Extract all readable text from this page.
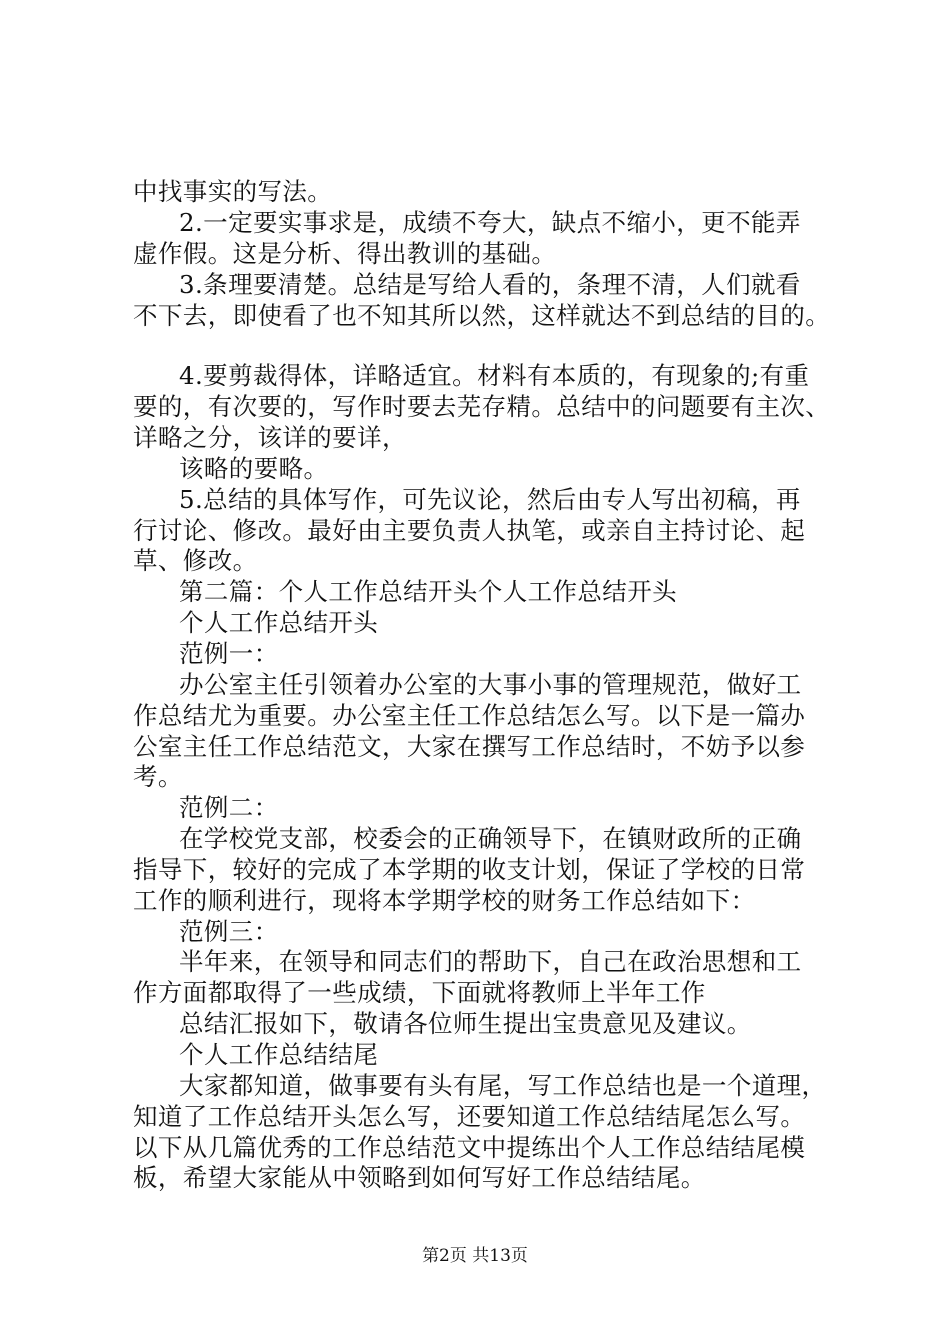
中找事实的写法。
2.一定要实事求是，成绩不夸大，缺点不缩小，更不能弄
虚作假。这是分析、得出教训的基础。
3.条理要清楚。总结是写给人看的，条理不清，人们就看
不下去，即使看了也不知其所以然，这样就达不到总结的目的。
4.要剪裁得体，详略适宜。材料有本质的，有现象的;有重
要的，有次要的，写作时要去芜存精。总结中的问题要有主次、
详略之分，该详的要详，
该略的要略。
5.总结的具体写作，可先议论，然后由专人写出初稿，再
行讨论、修改。最好由主要负责人执笔，或亲自主持讨论、起
草、修改。
第二篇：个人工作总结开头个人工作总结开头
个人工作总结开头
范例一：
办公室主任引领着办公室的大事小事的管理规范，做好工
作总结尤为重要。办公室主任工作总结怎么写。以下是一篇办
公室主任工作总结范文，大家在撰写工作总结时，不妨予以参
考。
范例二：
在学校党支部，校委会的正确领导下，在镇财政所的正确
指导下，较好的完成了本学期的收支计划，保证了学校的日常
工作的顺利进行，现将本学期学校的财务工作总结如下：
范例三：
半年来，在领导和同志们的帮助下，自己在政治思想和工
作方面都取得了一些成绩，下面就将教师上半年工作
总结汇报如下，敬请各位师生提出宝贵意见及建议。
个人工作总结结尾
大家都知道，做事要有头有尾，写工作总结也是一个道理，
知道了工作总结开头怎么写，还要知道工作总结结尾怎么写。
以下从几篇优秀的工作总结范文中提练出个人工作总结结尾模
板，希望大家能从中领略到如何写好工作总结结尾。
第2页 共13页
